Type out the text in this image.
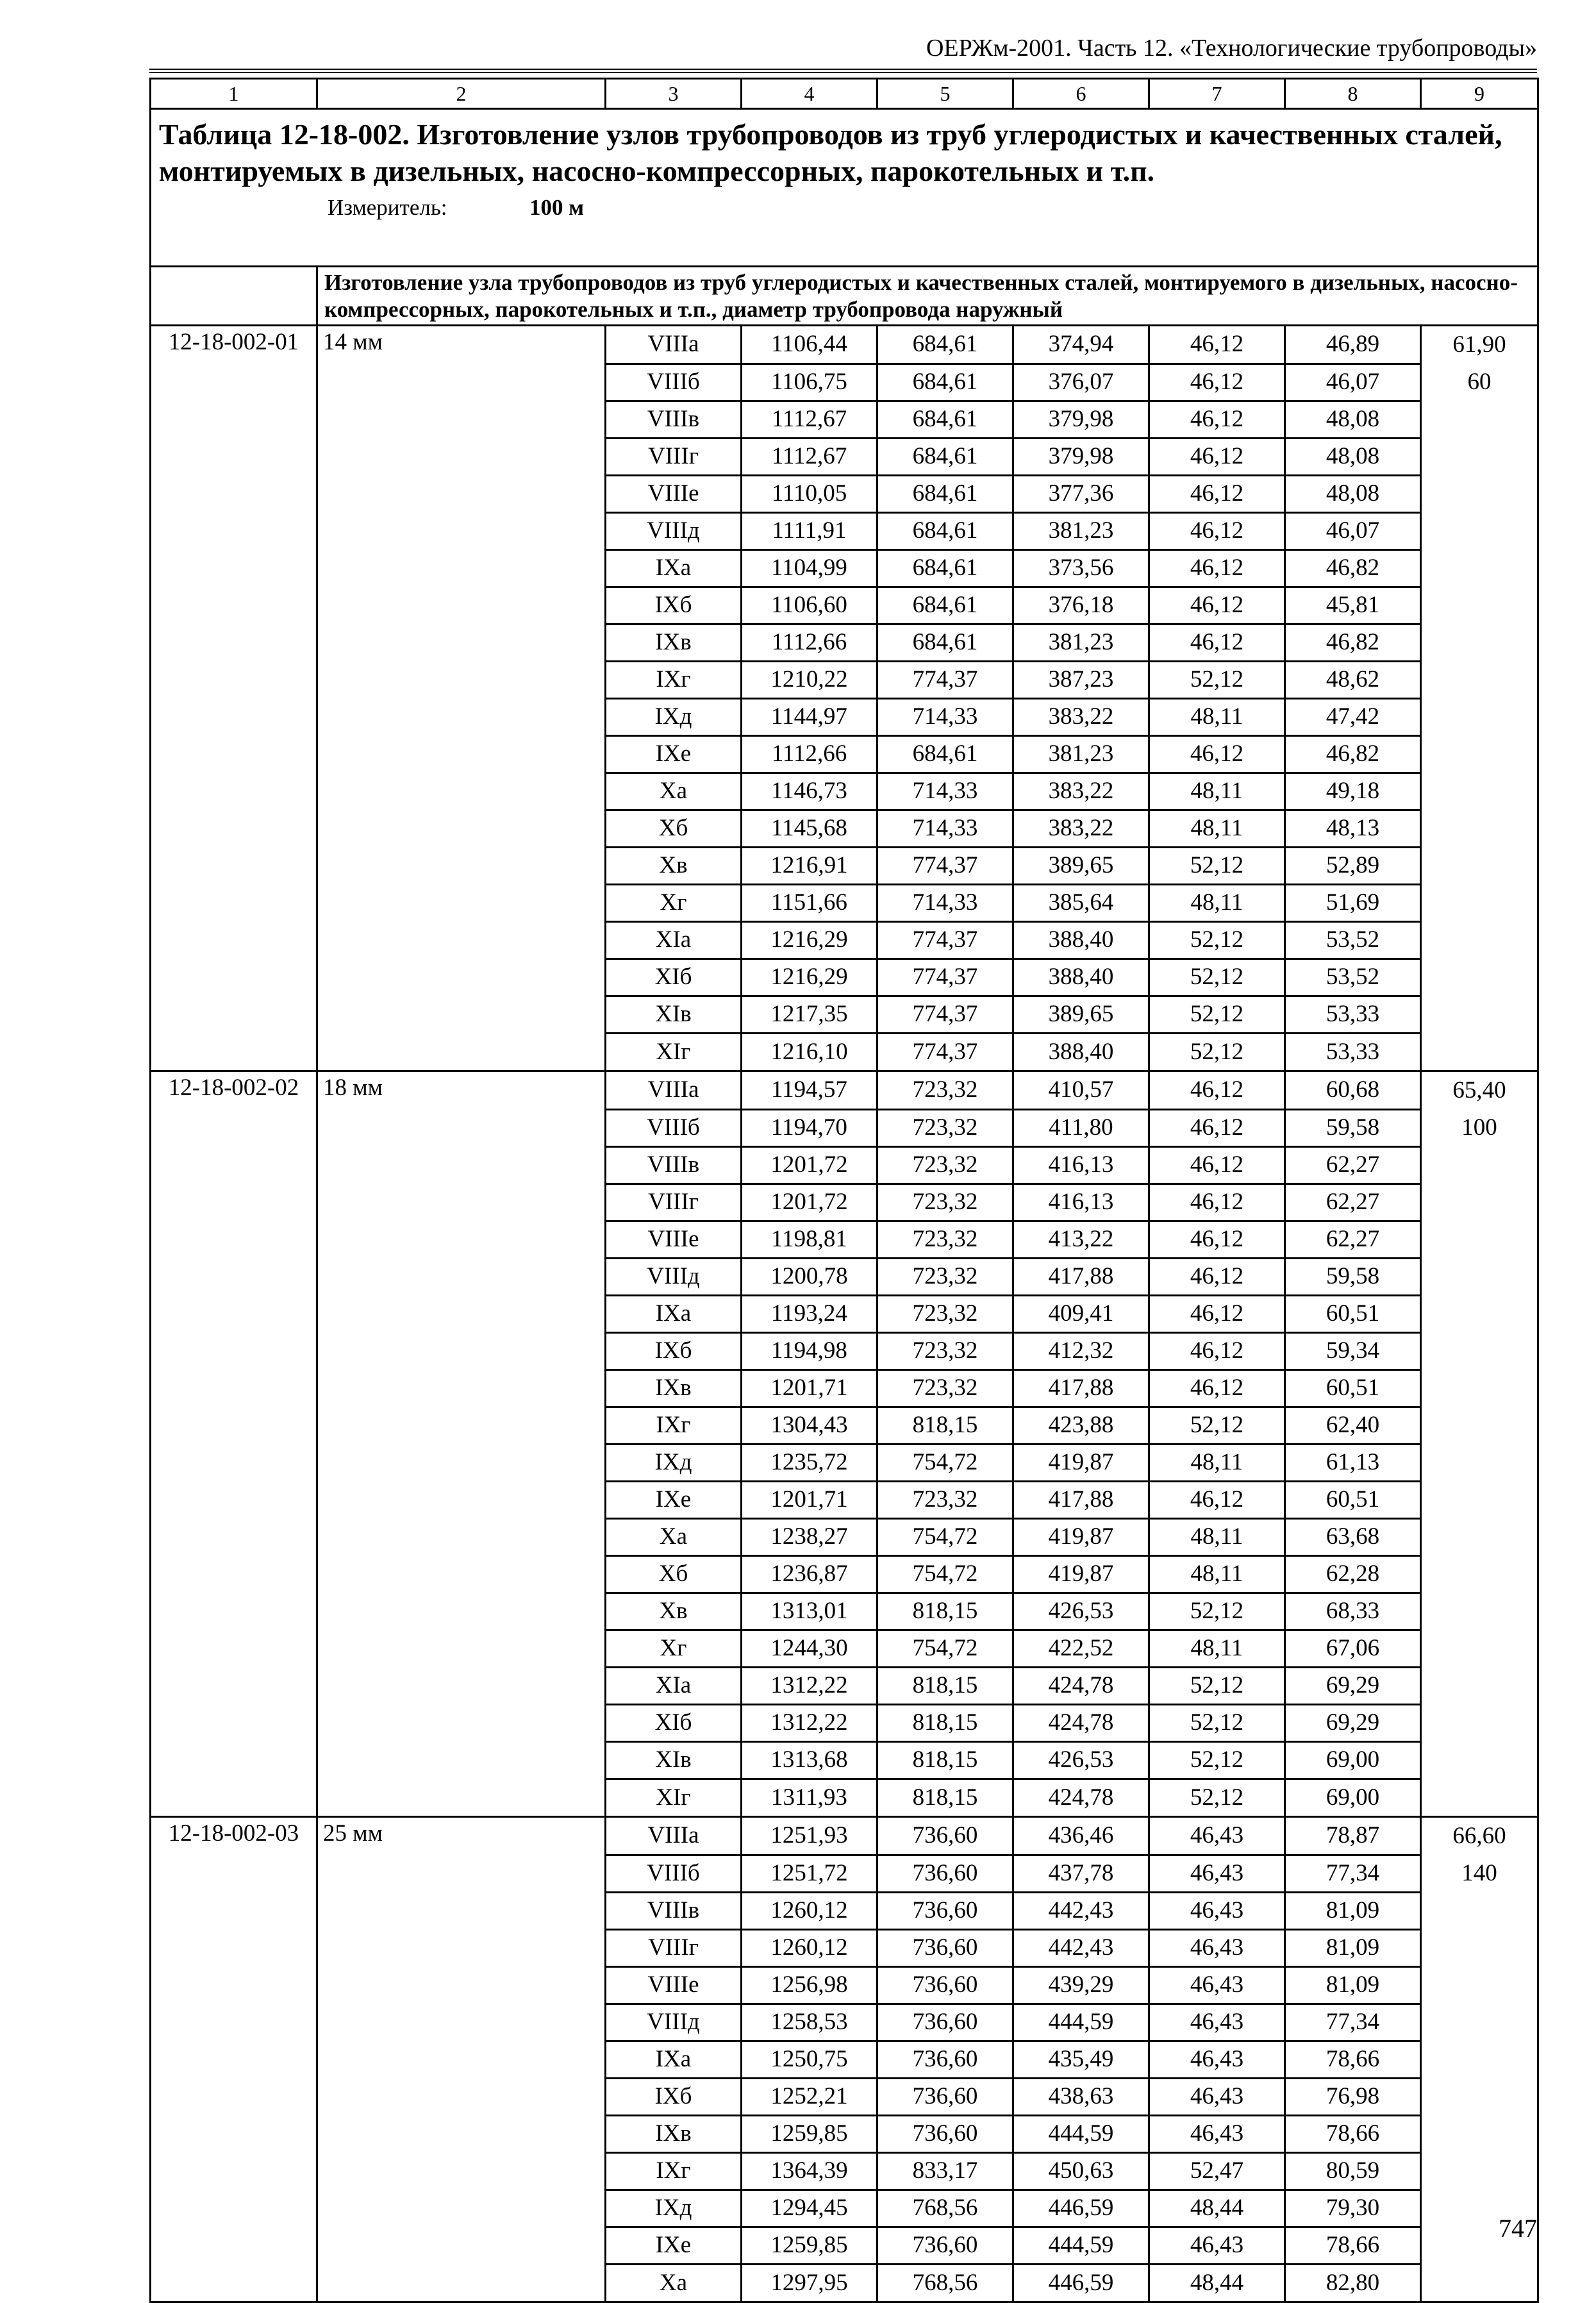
ОЕРЖм-2001. Часть 12. «Технологические трубопроводы»
1	2	3	4	5	6	7	8	9

Таблица 12-18-002. Изготовление узлов трубопроводов из труб углеродистых и качественных сталей, монтируемых в дизельных, насосно-компрессорных, парокотельных и т.п.
Измеритель: 100 м								

	Изготовление узла трубопроводов из труб углеродистых и качественных сталей, монтируемого в дизельных, насосно-компрессорных, парокотельных и т.п., диаметр трубопровода наружный							
12-18-002-01	14 мм	VIIIа	1106,44	684,61	374,94	46,12	46,89	61,90
		VIIIб	1106,75	684,61	376,07	46,12	46,07	60
		VIIIв	1112,67	684,61	379,98	46,12	48,08	
		VIIIг	1112,67	684,61	379,98	46,12	48,08	
		VIIIе	1110,05	684,61	377,36	46,12	48,08	
		VIIIд	1111,91	684,61	381,23	46,12	46,07	
		IXа	1104,99	684,61	373,56	46,12	46,82	
		IXб	1106,60	684,61	376,18	46,12	45,81	
		IXв	1112,66	684,61	381,23	46,12	46,82	
		IXг	1210,22	774,37	387,23	52,12	48,62	
		IXд	1144,97	714,33	383,22	48,11	47,42	
		IXе	1112,66	684,61	381,23	46,12	46,82	
		Xа	1146,73	714,33	383,22	48,11	49,18	
		Xб	1145,68	714,33	383,22	48,11	48,13	
		Xв	1216,91	774,37	389,65	52,12	52,89	
		Xг	1151,66	714,33	385,64	48,11	51,69	
		XIа	1216,29	774,37	388,40	52,12	53,52	
		XIб	1216,29	774,37	388,40	52,12	53,52	
		XIв	1217,35	774,37	389,65	52,12	53,33	
		XIг	1216,10	774,37	388,40	52,12	53,33	
12-18-002-02	18 мм	VIIIа	1194,57	723,32	410,57	46,12	60,68	65,40
		VIIIб	1194,70	723,32	411,80	46,12	59,58	100
		VIIIв	1201,72	723,32	416,13	46,12	62,27	
		VIIIг	1201,72	723,32	416,13	46,12	62,27	
		VIIIе	1198,81	723,32	413,22	46,12	62,27	
		VIIIд	1200,78	723,32	417,88	46,12	59,58	
		IXа	1193,24	723,32	409,41	46,12	60,51	
		IXб	1194,98	723,32	412,32	46,12	59,34	
		IXв	1201,71	723,32	417,88	46,12	60,51	
		IXг	1304,43	818,15	423,88	52,12	62,40	
		IXд	1235,72	754,72	419,87	48,11	61,13	
		IXе	1201,71	723,32	417,88	46,12	60,51	
		Xа	1238,27	754,72	419,87	48,11	63,68	
		Xб	1236,87	754,72	419,87	48,11	62,28	
		Xв	1313,01	818,15	426,53	52,12	68,33	
		Xг	1244,30	754,72	422,52	48,11	67,06	
		XIа	1312,22	818,15	424,78	52,12	69,29	
		XIб	1312,22	818,15	424,78	52,12	69,29	
		XIв	1313,68	818,15	426,53	52,12	69,00	
		XIг	1311,93	818,15	424,78	52,12	69,00	
12-18-002-03	25 мм	VIIIа	1251,93	736,60	436,46	46,43	78,87	66,60
		VIIIб	1251,72	736,60	437,78	46,43	77,34	140
		VIIIв	1260,12	736,60	442,43	46,43	81,09	
		VIIIг	1260,12	736,60	442,43	46,43	81,09	
		VIIIе	1256,98	736,60	439,29	46,43	81,09	
		VIIIд	1258,53	736,60	444,59	46,43	77,34	
		IXа	1250,75	736,60	435,49	46,43	78,66	
		IXб	1252,21	736,60	438,63	46,43	76,98	
		IXв	1259,85	736,60	444,59	46,43	78,66	
		IXг	1364,39	833,17	450,63	52,47	80,59	
		IXд	1294,45	768,56	446,59	48,44	79,30	
		IXе	1259,85	736,60	444,59	46,43	78,66	
		Xа	1297,95	768,56	446,59	48,44	82,80	
747
